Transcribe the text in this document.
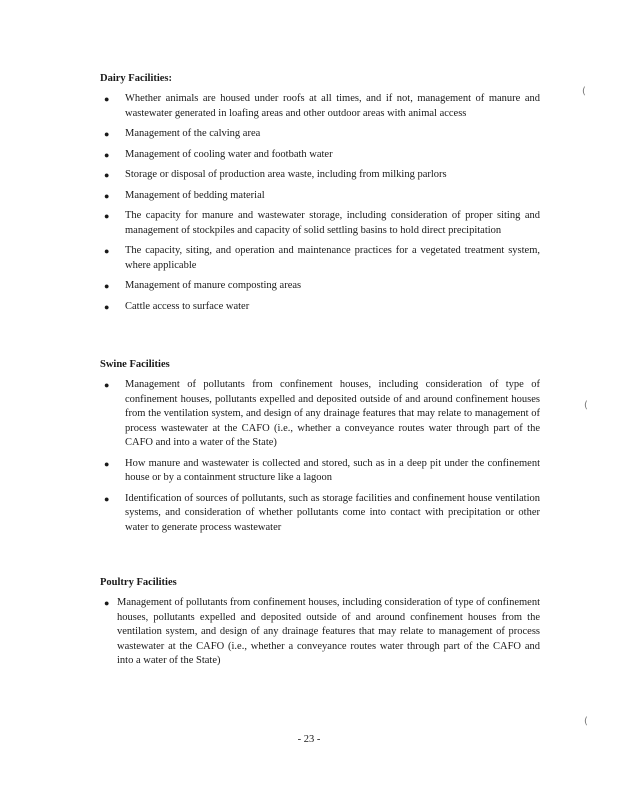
Dairy Facilities:

● Whether animals are housed under roofs at all times, and if not, management of manure and wastewater generated in loafing areas and other outdoor areas with animal access
● Management of the calving area
● Management of cooling water and footbath water
● Storage or disposal of production area waste, including from milking parlors
● Management of bedding material
● The capacity for manure and wastewater storage, including consideration of proper siting and management of stockpiles and capacity of solid settling basins to hold direct precipitation
● The capacity, siting, and operation and maintenance practices for a vegetated treatment system, where applicable
● Management of manure composting areas
● Cattle access to surface water

Swine Facilities

● Management of pollutants from confinement houses, including consideration of type of confinement houses, pollutants expelled and deposited outside of and around confinement houses from the ventilation system, and design of any drainage features that may relate to management of process wastewater at the CAFO (i.e., whether a conveyance routes water through part of the CAFO and into a water of the State)
● How manure and wastewater is collected and stored, such as in a deep pit under the confinement house or by a containment structure like a lagoon
● Identification of sources of pollutants, such as storage facilities and confinement house ventilation systems, and consideration of whether pollutants come into contact with precipitation or other water to generate process wastewater

Poultry Facilities

● Management of pollutants from confinement houses, including consideration of type of confinement houses, pollutants expelled and deposited outside of and around confinement houses from the ventilation system, and design of any drainage features that may relate to management of process wastewater at the CAFO (i.e., whether a conveyance routes water through part of the CAFO and into a water of the State)
- 23 -
(
(
(
